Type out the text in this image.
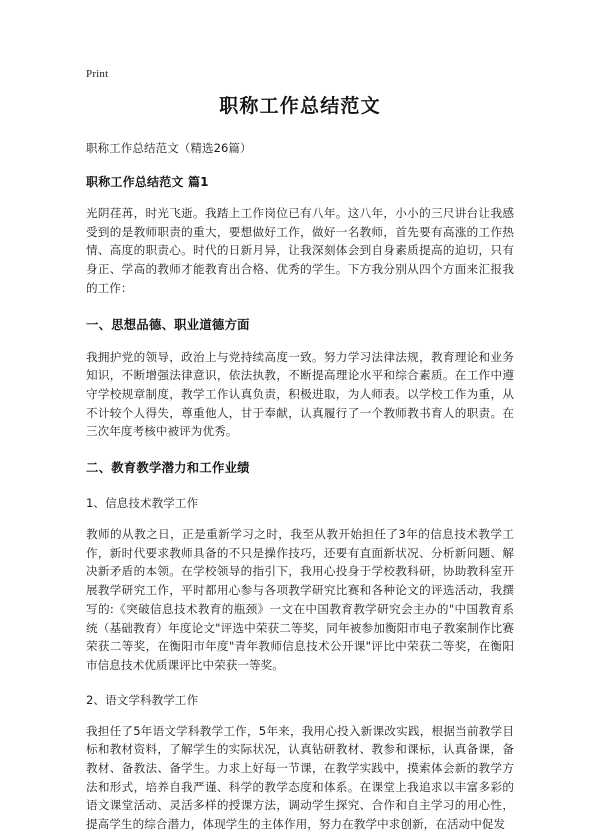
Print
职称工作总结范文
职称工作总结范文（精选26篇）
职称工作总结范文 篇1

光阴荏苒，时光飞逝。我踏上工作岗位已有八年。这八年，小小的三尺讲台让我感受到的是教师职责的重大，要想做好工作，做好一名教师，首先要有高涨的工作热情、高度的职责心。时代的日新月异，让我深刻体会到自身素质提高的迫切，只有身正、学高的教师才能教育出合格、优秀的学生。下方我分别从四个方面来汇报我的工作：

一、思想品德、职业道德方面

我拥护党的领导，政治上与党持续高度一致。努力学习法律法规，教育理论和业务知识，不断增强法律意识，依法执教，不断提高理论水平和综合素质。在工作中遵守学校规章制度，教学工作认真负责，积极进取，为人师表。以学校工作为重，从不计较个人得失，尊重他人，甘于奉献，认真履行了一个教师教书育人的职责。在三次年度考核中被评为优秀。

二、教育教学潜力和工作业绩
1、信息技术教学工作

教师的从教之日，正是重新学习之时，我至从教开始担任了3年的信息技术教学工作，新时代要求教师具备的不只是操作技巧，还要有直面新状况、分析新问题、解决新矛盾的本领。在学校领导的指引下，我用心投身于学校教科研，协助教科室开展教学研究工作，平时都用心参与各项教学研究比赛和各种论文的评选活动，我撰写的:《突破信息技术教育的瓶颈》一文在中国教育教学研究会主办的"中国教育系统（基础教育）年度论文"评选中荣获二等奖，同年被参加衡阳市电子教案制作比赛荣获二等奖，在衡阳市年度"青年教师信息技术公开课"评比中荣获二等奖，在衡阳市信息技术优质课评比中荣获一等奖。

2、语文学科教学工作

我担任了5年语文学科教学工作，5年来，我用心投入新课改实践，根据当前教学目标和教材资料，了解学生的实际状况，认真钻研教材、教参和课标，认真备课，备教材、备教法、备学生。力求上好每一节课，在教学实践中，摸索体会新的教学方法和形式，培养自我严谨、科学的教学态度和体系。在课堂上我追求以丰富多彩的语文课堂活动、灵活多样的授课方法，调动学生探究、合作和自主学习的用心性，提高学生的综合潜力，体现学生的主体作用，努力在教学中求创新，在活动中促发
